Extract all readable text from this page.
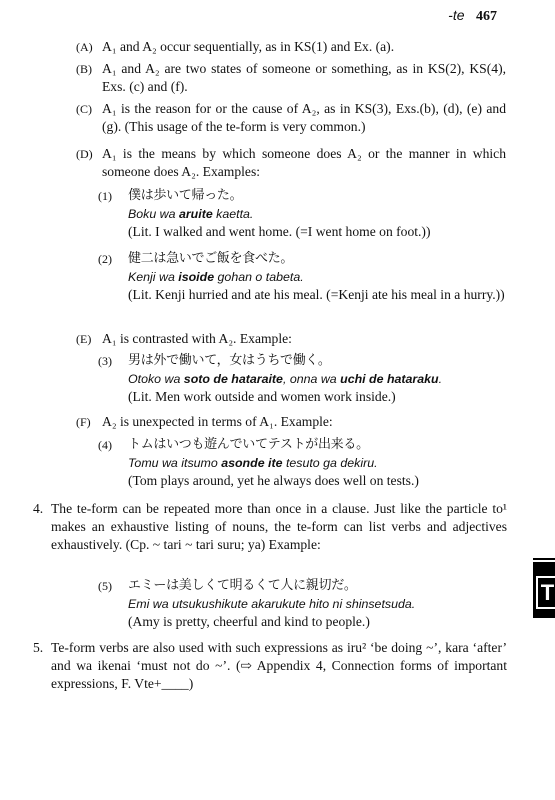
-te 467
(A) A₁ and A₂ occur sequentially, as in KS(1) and Ex. (a).
(B) A₁ and A₂ are two states of someone or something, as in KS(2), KS(4), Exs. (c) and (f).
(C) A₁ is the reason for or the cause of A₂, as in KS(3), Exs.(b), (d), (e) and (g). (This usage of the te-form is very common.)
(D) A₁ is the means by which someone does A₂ or the manner in which someone does A₂. Examples:
(1) 僕は歩いて帰った。
Boku wa aruite kaetta.
(Lit. I walked and went home. (=I went home on foot.))
(2) 健二は急いでご飯を食べた。
Kenji wa isoide gohan o tabeta.
(Lit. Kenji hurried and ate his meal. (=Kenji ate his meal in a hurry.))
(E) A₁ is contrasted with A₂. Example:
(3) 男は外で働いて，女はうちで働く。
Otoko wa soto de hataraite, onna wa uchi de hataraku.
(Lit. Men work outside and women work inside.)
(F) A₂ is unexpected in terms of A₁. Example:
(4) トムはいつも遊んでいてテストが出来る。
Tomu wa itsumo asonde ite tesuto ga dekiru.
(Tom plays around, yet he always does well on tests.)
4. The te-form can be repeated more than once in a clause. Just like the particle to¹ makes an exhaustive listing of nouns, the te-form can list verbs and adjectives exhaustively. (Cp. ~ tari ~ tari suru; ya) Example:
(5) エミーは美しくて明るくて人に親切だ。
Emi wa utsukushikute akarukute hito ni shinsetsuda.
(Amy is pretty, cheerful and kind to people.)
5. Te-form verbs are also used with such expressions as iru² ‘be doing ~’, kara ‘after’ and wa ikenai ‘must not do ~’. (⇨ Appendix 4, Connection forms of important expressions, F. Vte+____)
T
